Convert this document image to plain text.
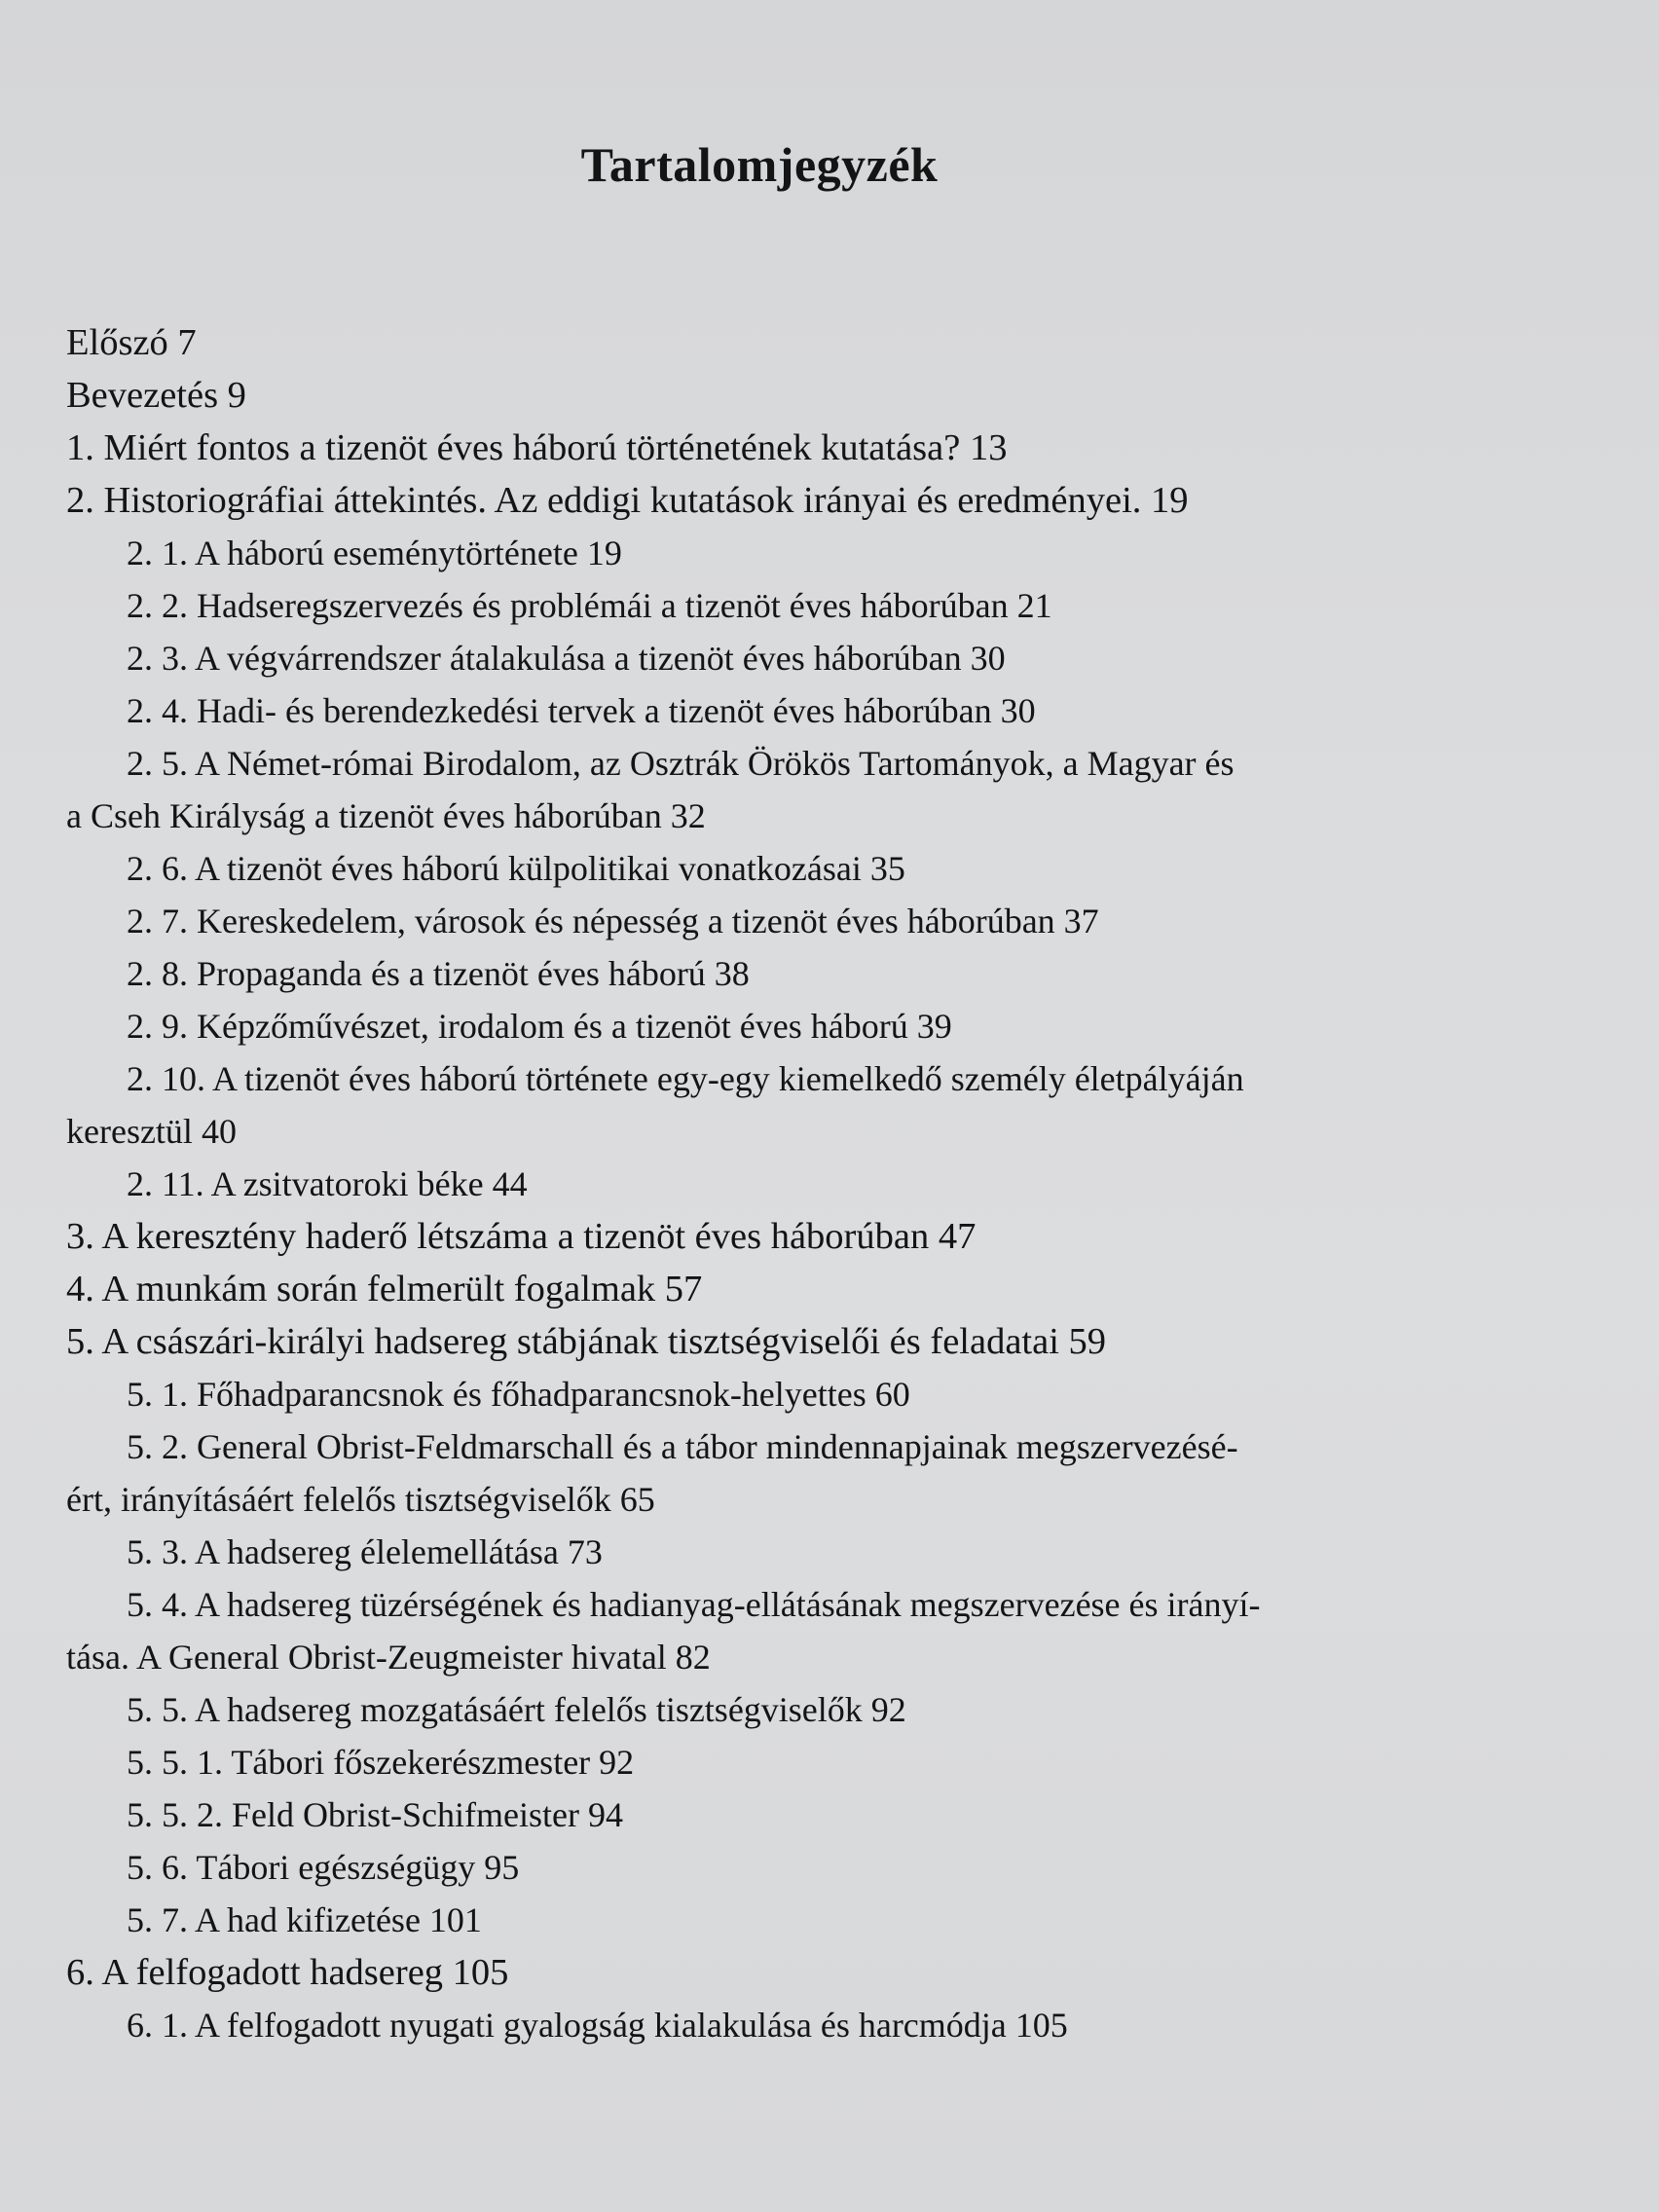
Tartalomjegyzék

Előszó 7

Bevezetés 9

1. Miért fontos a tizenöt éves háború történetének kutatása? 13

2. Historiográfiai áttekintés. Az eddigi kutatások irányai és eredményei. 19

2. 1. A háború eseménytörténete 19

2. 2. Hadseregszervezés és problémái a tizenöt éves háborúban 21

2. 3. A végvárrendszer átalakulása a tizenöt éves háborúban 30

2. 4. Hadi- és berendezkedési tervek a tizenöt éves háborúban 30

2. 5. A Német-római Birodalom, az Osztrák Örökös Tartományok, a Magyar és
a Cseh Királyság a tizenöt éves háborúban 32

2. 6. A tizenöt éves háború külpolitikai vonatkozásai 35

2. 7. Kereskedelem, városok és népesség a tizenöt éves háborúban 37

2. 8. Propaganda és a tizenöt éves háború 38

2. 9. Képzőművészet, irodalom és a tizenöt éves háború 39

2. 10. A tizenöt éves háború története egy-egy kiemelkedő személy életpályáján
keresztül 40

2. 11. A zsitvatoroki béke 44

3. A keresztény haderő létszáma a tizenöt éves háborúban 47

4. A munkám során felmerült fogalmak 57

5. A császári-királyi hadsereg stábjának tisztségviselői és feladatai 59

5. 1. Főhadparancsnok és főhadparancsnok-helyettes 60

5. 2. General Obrist-Feldmarschall és a tábor mindennapjainak megszervezésé-
ért, irányításáért felelős tisztségviselők 65

5. 3. A hadsereg élelemellátása 73

5. 4. A hadsereg tüzérségének és hadianyag-ellátásának megszervezése és irányí-
tása. A General Obrist-Zeugmeister hivatal 82

5. 5. A hadsereg mozgatásáért felelős tisztségviselők 92

5. 5. 1. Tábori főszekerészmester 92

5. 5. 2. Feld Obrist-Schifmeister 94

5. 6. Tábori egészségügy 95

5. 7. A had kifizetése 101

6. A felfogadott hadsereg 105

6. 1. A felfogadott nyugati gyalogság kialakulása és harcmódja 105
